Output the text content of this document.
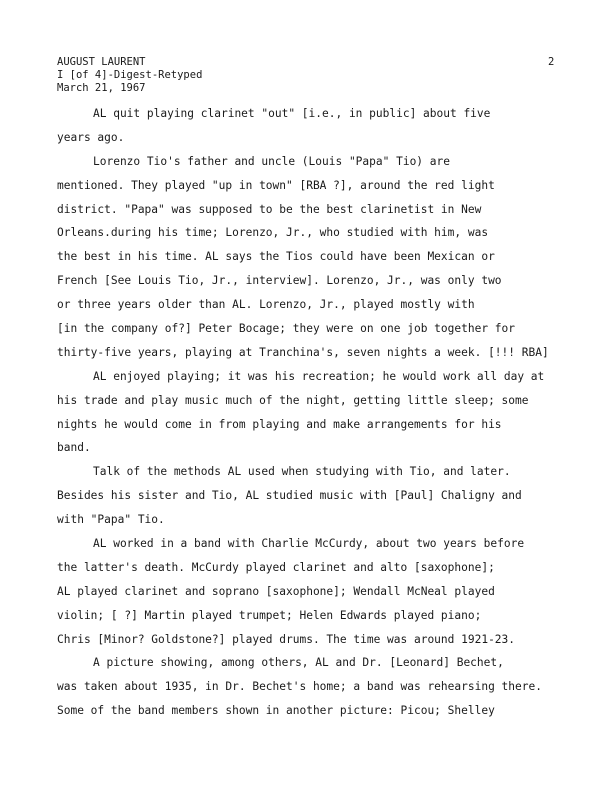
AUGUST LAURENT
I [of 4]-Digest-Retyped
March 21, 1967
2
AL quit playing clarinet "out" [i.e., in public] about five
years ago.
Lorenzo Tio's father and uncle (Louis "Papa" Tio) are
mentioned. They played "up in town" [RBA ?], around the red light
district. "Papa" was supposed to be the best clarinetist in New
Orleans.during his time; Lorenzo, Jr., who studied with him, was
the best in his time. AL says the Tios could have been Mexican or
French [See Louis Tio, Jr., interview]. Lorenzo, Jr., was only two
or three years older than AL. Lorenzo, Jr., played mostly with
[in the company of?] Peter Bocage; they were on one job together for
thirty-five years, playing at Tranchina's, seven nights a week. [!!! RBA]
AL enjoyed playing; it was his recreation; he would work all day at
his trade and play music much of the night, getting little sleep; some
nights he would come in from playing and make arrangements for his
band.
Talk of the methods AL used when studying with Tio, and later.
Besides his sister and Tio, AL studied music with [Paul] Chaligny and
with "Papa" Tio.
AL worked in a band with Charlie McCurdy, about two years before
the latter's death. McCurdy played clarinet and alto [saxophone];
AL played clarinet and soprano [saxophone]; Wendall McNeal played
violin; [ ?] Martin played trumpet; Helen Edwards played piano;
Chris [Minor? Goldstone?] played drums. The time was around 1921-23.
A picture showing, among others, AL and Dr. [Leonard] Bechet,
was taken about 1935, in Dr. Bechet's home; a band was rehearsing there.
Some of the band members shown in another picture: Picou; Shelley
